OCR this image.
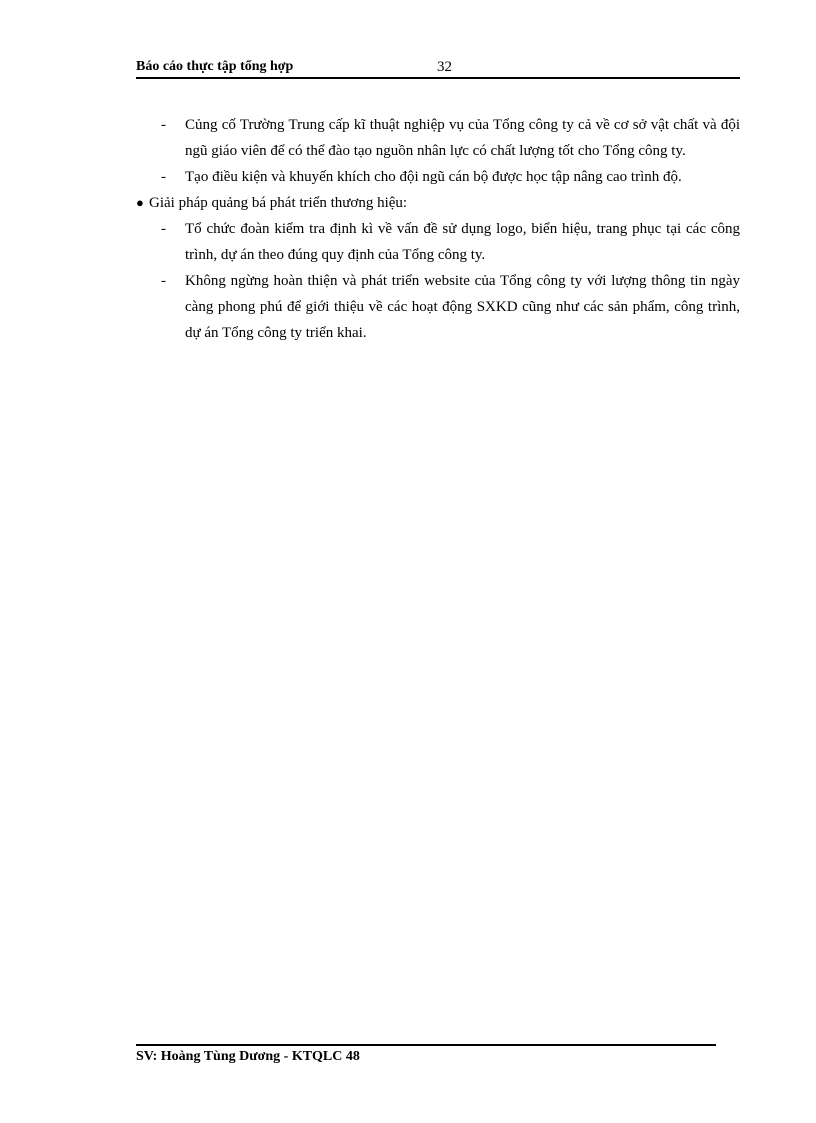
Báo cáo thực tập tổng hợp	32
- Củng cố Trường Trung cấp kĩ thuật nghiệp vụ của Tổng công ty cả về cơ sở vật chất và đội ngũ giáo viên để có thể đào tạo nguồn nhân lực có chất lượng tốt cho Tổng công ty.
- Tạo điều kiện và khuyến khích cho đội ngũ cán bộ được học tập nâng cao trình độ.
● Giải pháp quảng bá phát triển thương hiệu:
- Tổ chức đoàn kiểm tra định kì về vấn đề sử dụng logo, biển hiệu, trang phục tại các công trình, dự án theo đúng quy định của Tổng công ty.
- Không ngừng hoàn thiện và phát triển website của Tổng công ty với lượng thông tin ngày càng phong phú để giới thiệu về các hoạt động SXKD cũng như các sản phẩm, công trình, dự án Tổng công ty triển khai.
SV: Hoàng Tùng Dương - KTQLC 48
